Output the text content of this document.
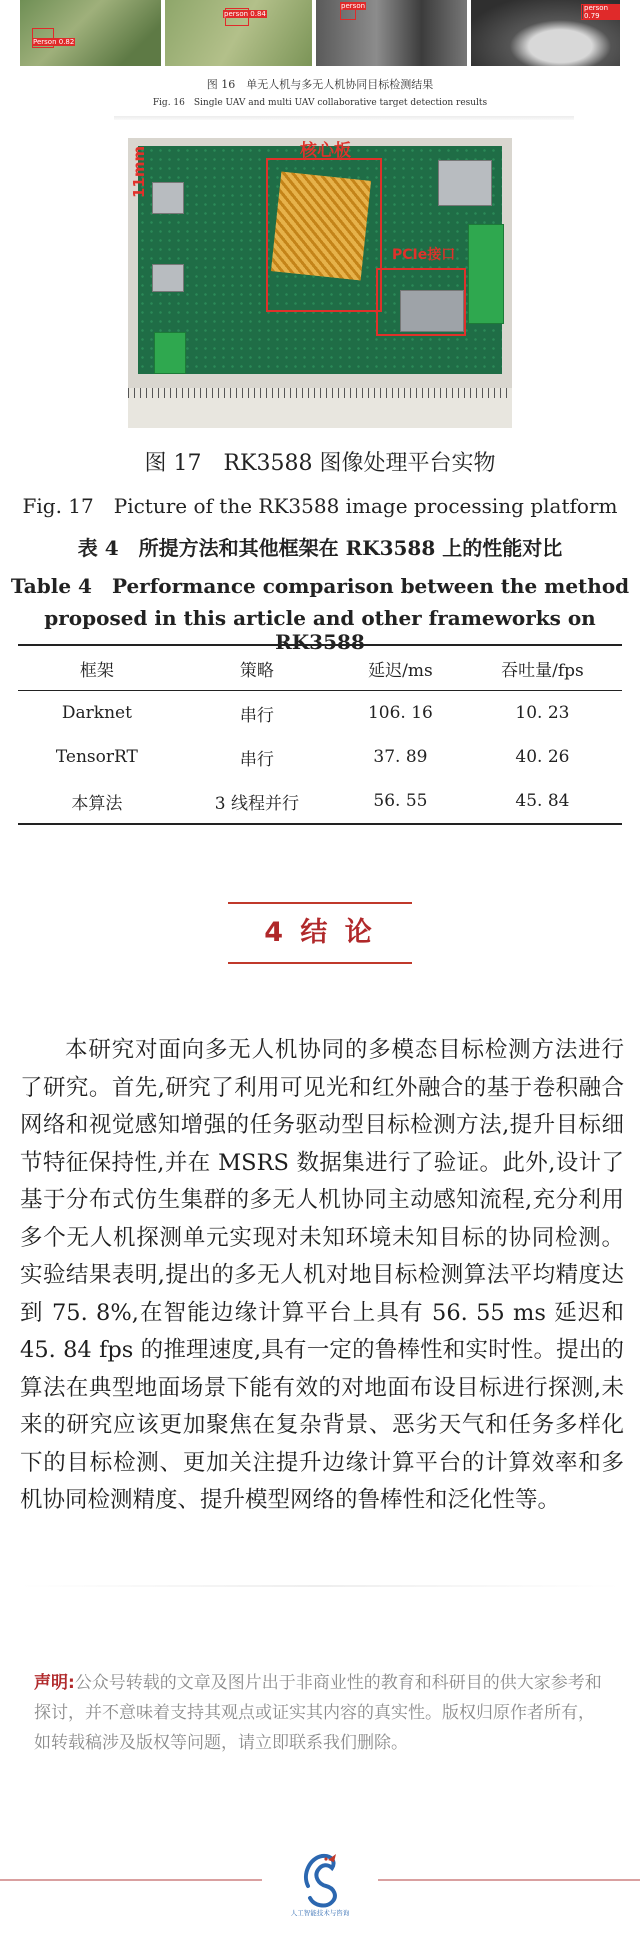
Person 0.82
person 0.84
person	person 0.79
图 16　单无人机与多无人机协同目标检测结果
Fig. 16　Single UAV and multi UAV collaborative target detection results
核心板
PCIe接口
11mm
图 17　RK3588 图像处理平台实物
Fig. 17　Picture of the RK3588 image processing platform
表 4　所提方法和其他框架在 RK3588 上的性能对比
Table 4　Performance comparison between the method
proposed in this article and other frameworks on RK3588
框架	策略	延迟/ms	吞吐量/fps
Darknet	串行	106. 16	10. 23
TensorRT	串行	37. 89	40. 26
本算法	3 线程并行	56. 55	45. 84
4 结 论

本研究对面向多无人机协同的多模态目标检测方法进行了研究。首先,研究了利用可见光和红外融合的基于卷积融合网络和视觉感知增强的任务驱动型目标检测方法,提升目标细节特征保持性,并在 MSRS 数据集进行了验证。此外,设计了基于分布式仿生集群的多无人机协同主动感知流程,充分利用多个无人机探测单元实现对未知环境未知目标的协同检测。实验结果表明,提出的多无人机对地目标检测算法平均精度达到 75. 8%,在智能边缘计算平台上具有 56. 55 ms 延迟和 45. 84 fps 的推理速度,具有一定的鲁棒性和实时性。提出的算法在典型地面场景下能有效的对地面布设目标进行探测,未来的研究应该更加聚焦在复杂背景、恶劣天气和任务多样化下的目标检测、更加关注提升边缘计算平台的计算效率和多机协同检测精度、提升模型网络的鲁棒性和泛化性等。

声明:公众号转载的文章及图片出于非商业性的教育和科研目的供大家参考和探讨，并不意味着支持其观点或证实其内容的真实性。版权归原作者所有，如转载稿涉及版权等问题，请立即联系我们删除。
人工智能技术与咨询
